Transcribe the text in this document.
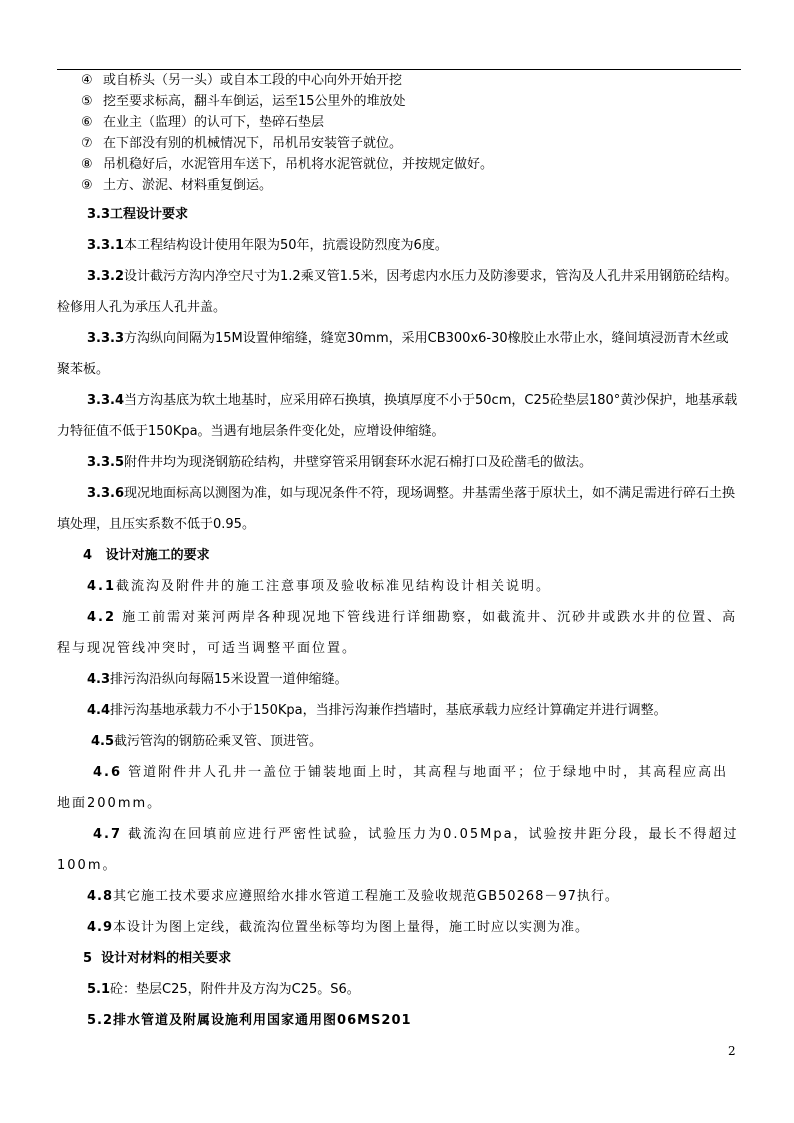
④ 或自桥头（另一头）或自本工段的中心向外开始开挖
⑤ 挖至要求标高，翻斗车倒运，运至15公里外的堆放处
⑥ 在业主（监理）的认可下，垫碎石垫层
⑦ 在下部没有别的机械情况下，吊机吊安装管子就位。
⑧ 吊机稳好后，水泥管用车送下，吊机将水泥管就位，并按规定做好。
⑨ 土方、淤泥、材料重复倒运。

3.3工程设计要求

3.3.1本工程结构设计使用年限为50年，抗震设防烈度为6度。

3.3.2设计截污方沟内净空尺寸为1.2乘叉管1.5米，因考虑内水压力及防渗要求，管沟及人孔井采用钢筋砼结构。检修用人孔为承压人孔井盖。

3.3.3方沟纵向间隔为15M设置伸缩缝，缝宽30mm，采用CB300x6-30橡胶止水带止水，缝间填浸沥青木丝或聚苯板。

3.3.4当方沟基底为软土地基时，应采用碎石换填，换填厚度不小于50cm，C25砼垫层180°黄沙保护，地基承载力特征值不低于150Kpa。当遇有地层条件变化处，应增设伸缩缝。

3.3.5附件井均为现浇钢筋砼结构，井壁穿管采用钢套环水泥石棉打口及砼凿毛的做法。

3.3.6现况地面标高以测图为准，如与现况条件不符，现场调整。井基需坐落于原状土，如不满足需进行碎石土换填处理，且压实系数不低于0.95。

4   设计对施工的要求

4.1截流沟及附件井的施工注意事项及验收标准见结构设计相关说明。

4.2 施工前需对莱河两岸各种现况地下管线进行详细勘察，如截流井、沉砂井或跌水井的位置、高程与现况管线冲突时，可适当调整平面位置。

4.3排污沟沿纵向每隔15米设置一道伸缩缝。

4.4排污沟基地承载力不小于150Kpa，当排污沟兼作挡墙时，基底承载力应经计算确定并进行调整。

4.5截污管沟的钢筋砼乘叉管、顶进管。

4.6 管道附件井人孔井一盖位于铺装地面上时，其高程与地面平；位于绿地中时，其高程应高出地面200mm。

4.7 截流沟在回填前应进行严密性试验，试验压力为0.05Mpa，试验按井距分段，最长不得超过100m。

4.8其它施工技术要求应遵照给水排水管道工程施工及验收规范GB50268－97执行。

4.9本设计为图上定线，截流沟位置坐标等均为图上量得，施工时应以实测为准。

5  设计对材料的相关要求

5.1砼：垫层C25，附件井及方沟为C25。S6。

5.2排水管道及附属设施利用国家通用图06MS201

2
